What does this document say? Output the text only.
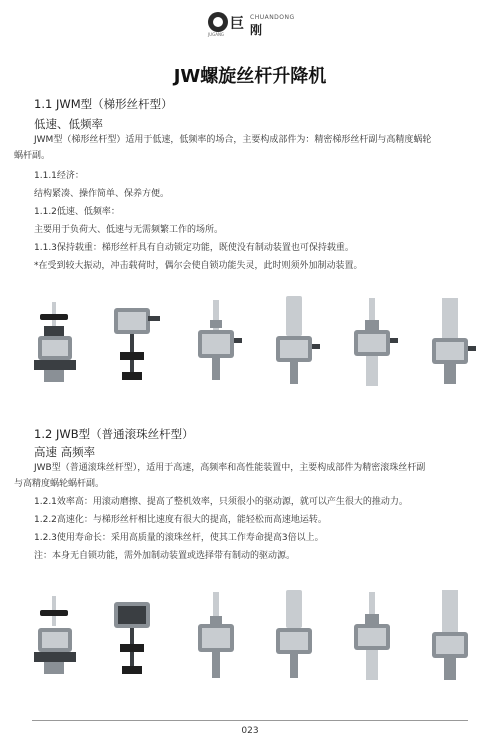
巨 CHUANDONG
刚
JUGANG
JW螺旋丝杆升降机
1.1 JWM型（梯形丝杆型）
低速、低频率
JWM型（梯形丝杆型）适用于低速，低频率的场合，主要构成部件为：精密梯形丝杆副与高精度蜗轮
蜗杆副。
1.1.1经济：
结构紧凑、操作简单、保养方便。
1.1.2低速、低频率：
主要用于负荷大、低速与无需频繁工作的场所。
1.1.3保持载重：梯形丝杆具有自动锁定功能，既使没有制动装置也可保持载重。
*在受到较大振动，冲击载荷时，偶尔会使自锁功能失灵，此时则须外加制动装置。
1.2 JWB型（普通滚珠丝杆型）
高速 高频率
JWB型（普通滚珠丝杆型），适用于高速，高频率和高性能装置中，主要构成部件为精密滚珠丝杆副
与高精度蜗轮蜗杆副。
1.2.1效率高：用滚动磨擦、提高了整机效率，只须很小的驱动源，就可以产生很大的推动力。
1.2.2高速化：与梯形丝杆相比速度有很大的提高，能轻松而高速地运转。
1.2.3使用寿命长：采用高质量的滚珠丝杆，使其工作寿命提高3倍以上。
注：本身无自锁功能，需外加制动装置或选择带有制动的驱动源。
023
